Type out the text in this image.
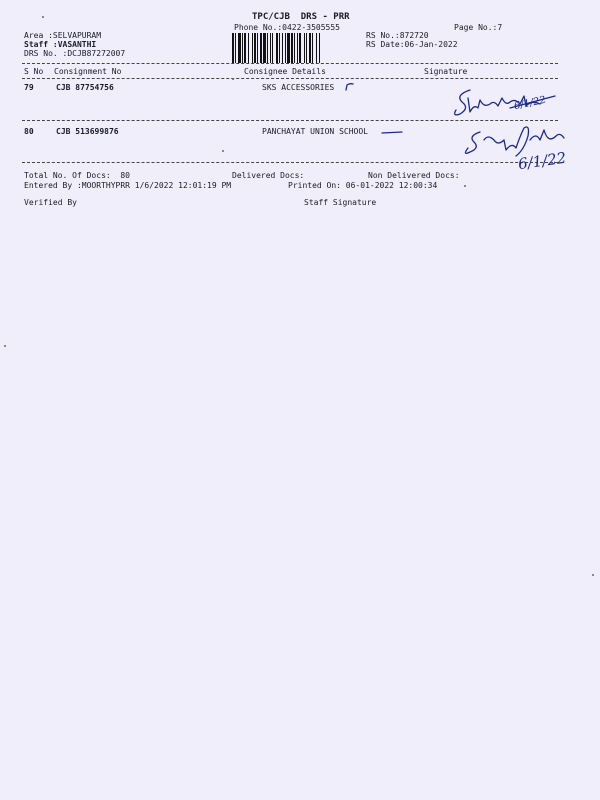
TPC/CJB  DRS - PRR
Phone No.:0422-3505555	Page No.:7
Area :SELVAPURAM
Staff :VASANTHI
DRS No. :DCJB87272007
RS No.:872720
RS Date:06-Jan-2022
S No Consignment No	Consignee Details	Signature
79	CJB 87754756	SKS ACCESSORIES
80	CJB 513699876	PANCHAYAT UNION SCHOOL
Total No. Of Docs:  80	Delivered Docs:	Non Delivered Docs:
Entered By :MOORTHYPRR 1/6/2022 12:01:19 PM	Printed On: 06-01-2022 12:00:34
Verified By	Staff Signature
6/1/22
6/1/22
